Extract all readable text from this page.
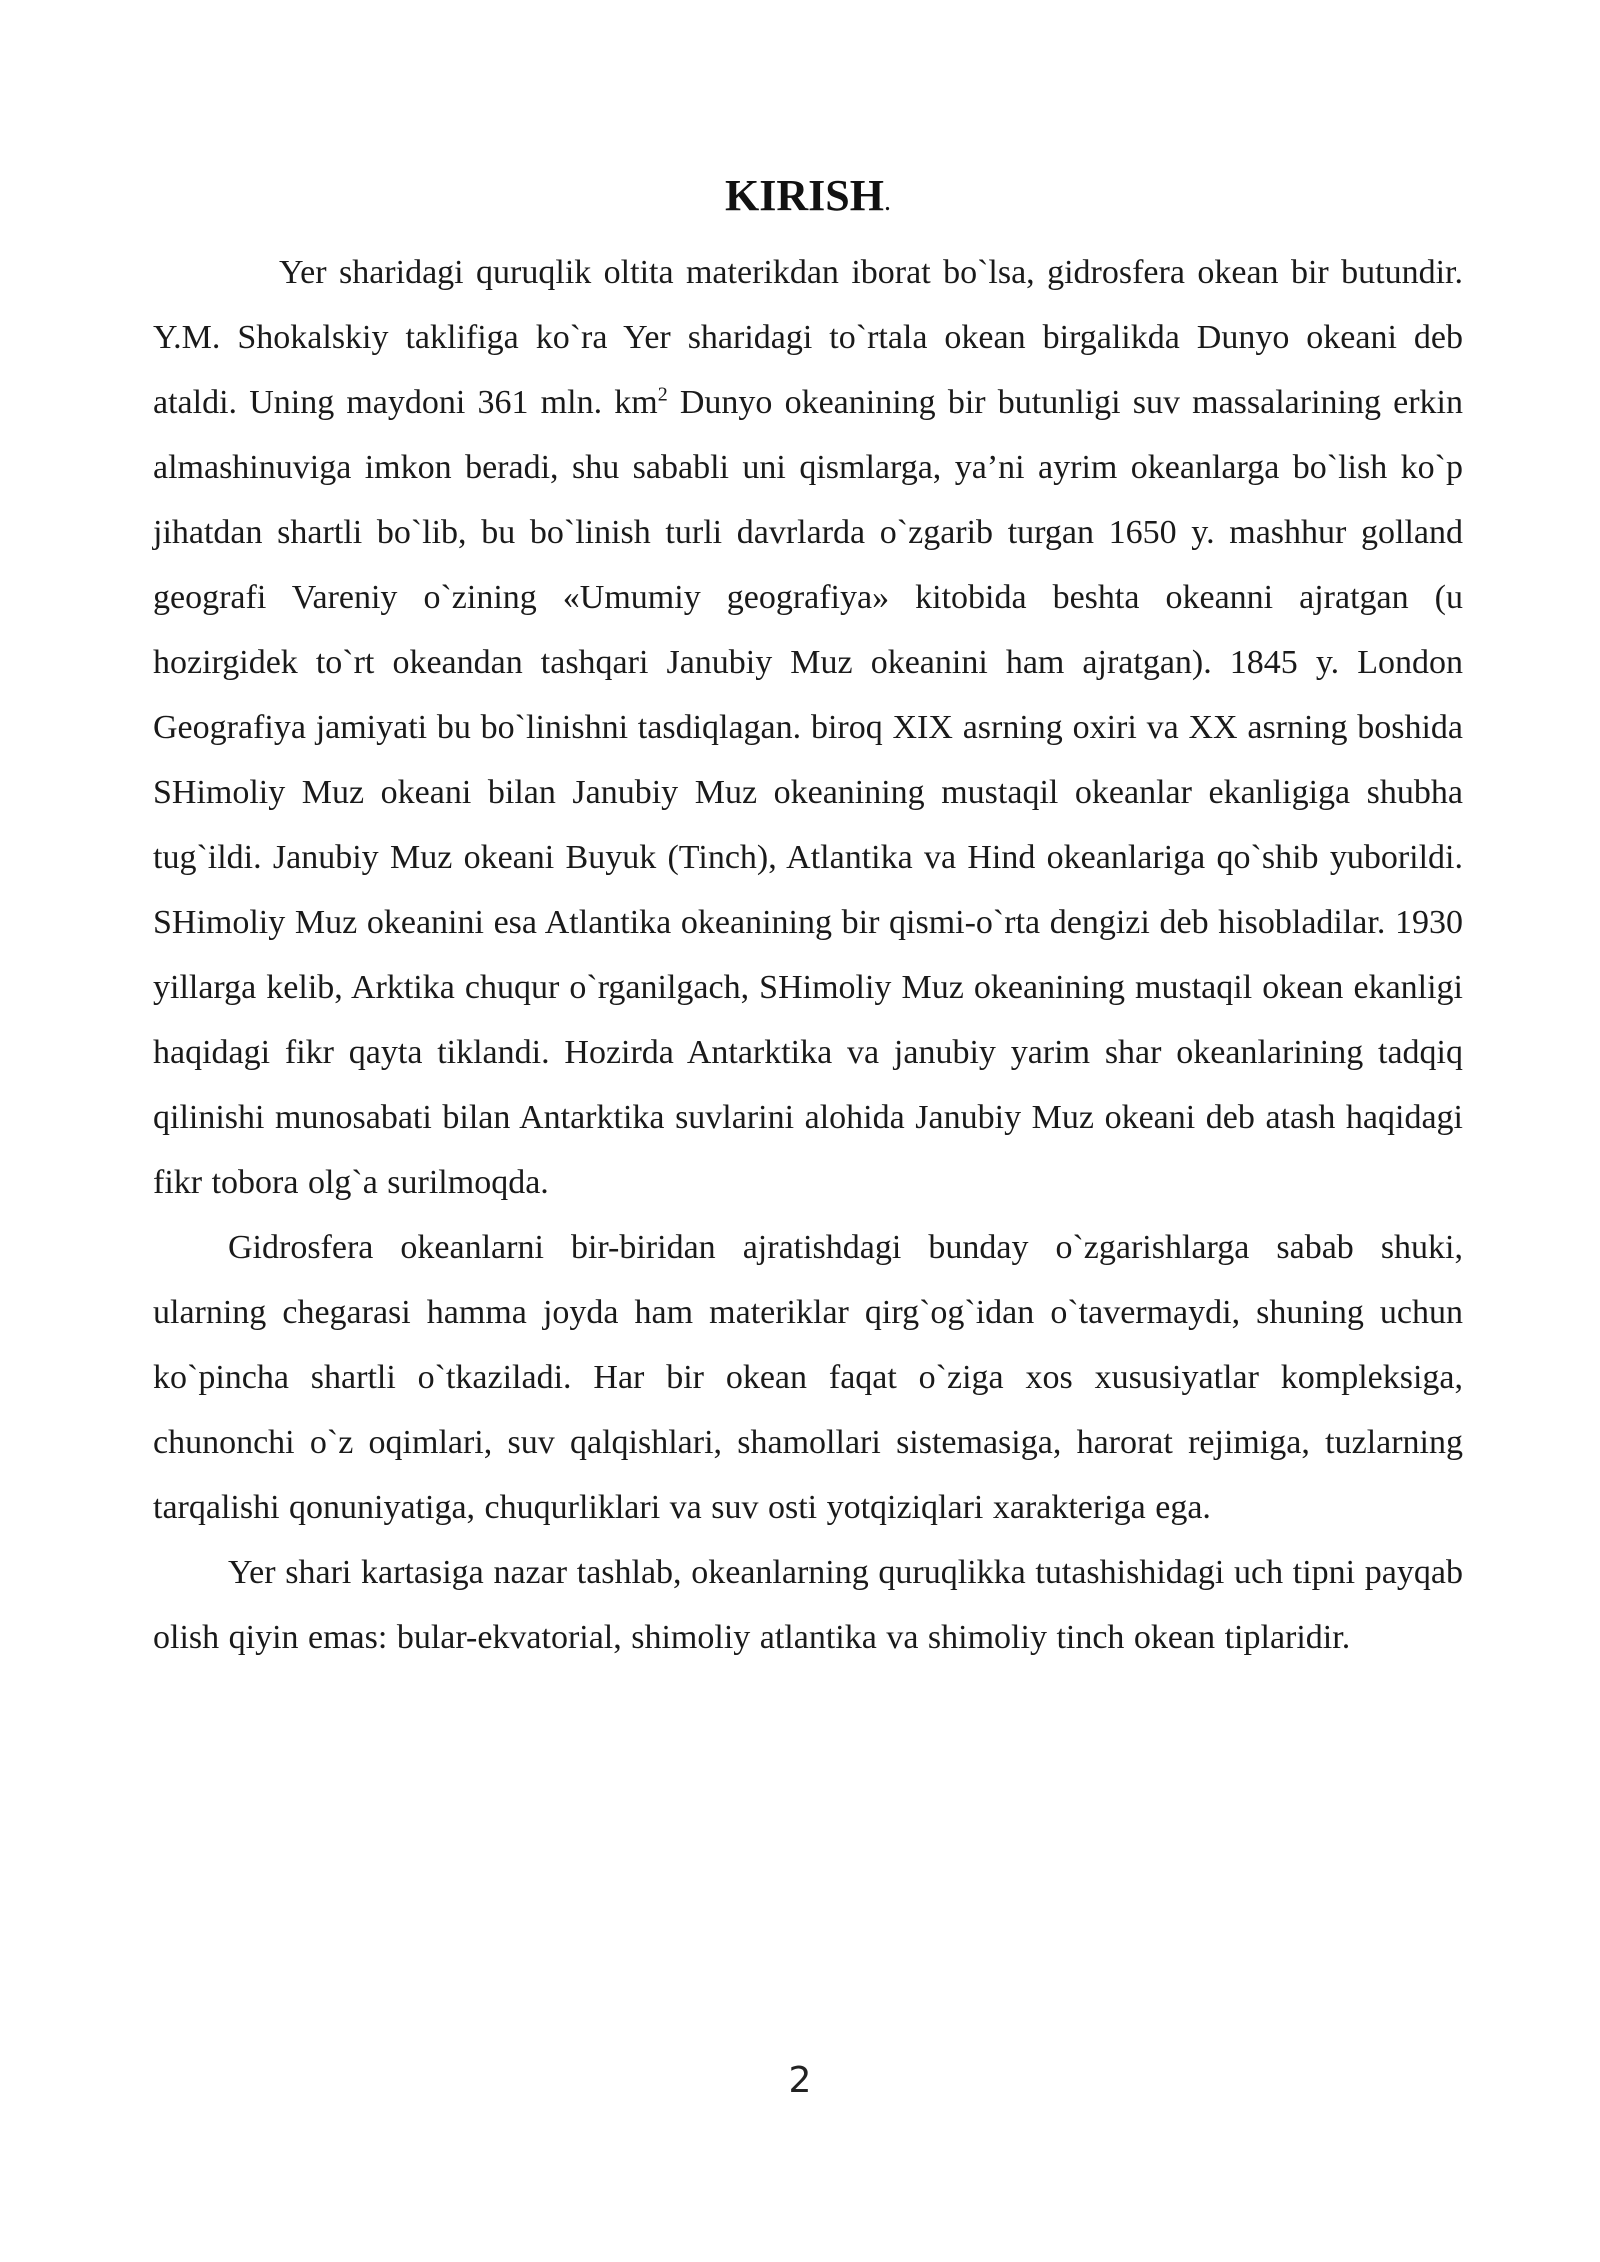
KIRISH.

Yer sharidagi quruqlik oltita materikdan iborat bo`lsa, gidrosfera okean bir butundir. Y.M. Shokalskiy taklifiga ko`ra Yer sharidagi to`rtala okean birgalikda Dunyo okeani deb ataldi. Uning maydoni 361 mln. $km^2$ Dunyo okeanining bir butunligi suv massalarining erkin almashinuviga imkon beradi, shu sababli uni qismlarga, ya’ni ayrim okeanlarga bo`lish ko`p jihatdan shartli bo`lib, bu bo`linish turli davrlarda o`zgarib turgan 1650 y. mashhur golland geografi Vareniy o`zining «Umumiy geografiya» kitobida beshta okeanni ajratgan (u hozirgidek to`rt okeandan tashqari Janubiy Muz okeanini ham ajratgan). 1845 y. London Geografiya jamiyati bu bo`linishni tasdiqlagan. biroq XIX asrning oxiri va XX asrning boshida SHimoliy Muz okeani bilan Janubiy Muz okeanining mustaqil okeanlar ekanligiga shubha tug`ildi. Janubiy Muz okeani Buyuk (Tinch), Atlantika va Hind okeanlariga qo`shib yuborildi. SHimoliy Muz okeanini esa Atlantika okeanining bir qismi-o`rta dengizi deb hisobladilar. 1930 yillarga kelib, Arktika chuqur o`rganilgach, SHimoliy Muz okeanining mustaqil okean ekanligi haqidagi fikr qayta tiklandi. Hozirda Antarktika va janubiy yarim shar okeanlarining tadqiq qilinishi munosabati bilan Antarktika suvlarini alohida Janubiy Muz okeani deb atash haqidagi fikr tobora olg`a surilmoqda.

Gidrosfera okeanlarni bir-biridan ajratishdagi bunday o`zgarishlarga sabab shuki, ularning chegarasi hamma joyda ham materiklar qirg`og`idan o`tavermaydi, shuning uchun ko`pincha shartli o`tkaziladi. Har bir okean faqat o`ziga xos xususiyatlar kompleksiga, chunonchi o`z oqimlari, suv qalqishlari, shamollari sistemasiga, harorat rejimiga, tuzlarning tarqalishi qonuniyatiga, chuqurliklari va suv osti yotqiziqlari xarakteriga ega.

Yer shari kartasiga nazar tashlab, okeanlarning quruqlikka tutashishidagi uch tipni payqab olish qiyin emas: bular-ekvatorial, shimoliy atlantika va shimoliy tinch okean tiplaridir.

2
